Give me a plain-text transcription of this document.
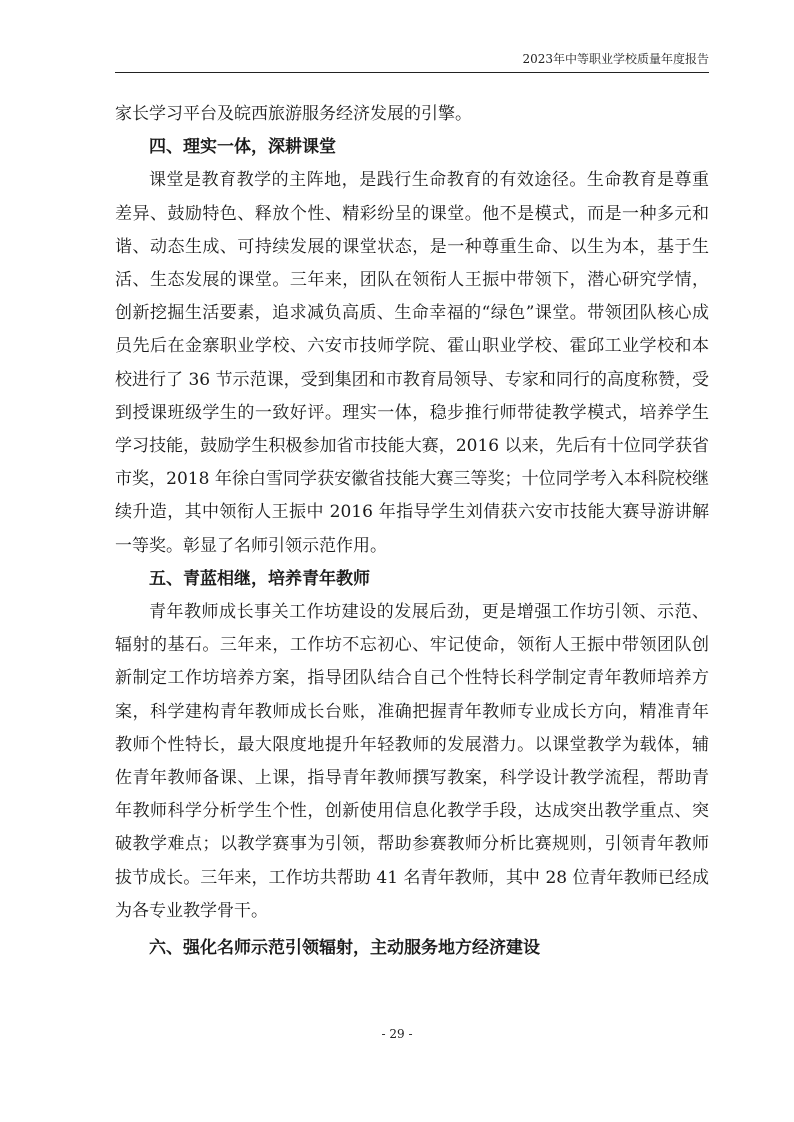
2023年中等职业学校质量年度报告

家长学习平台及皖西旅游服务经济发展的引擎。

四、理实一体，深耕课堂

课堂是教育教学的主阵地，是践行生命教育的有效途径。生命教育是尊重差异、鼓励特色、释放个性、精彩纷呈的课堂。他不是模式，而是一种多元和谐、动态生成、可持续发展的课堂状态，是一种尊重生命、以生为本，基于生活、生态发展的课堂。三年来，团队在领衔人王振中带领下，潜心研究学情，创新挖掘生活要素，追求减负高质、生命幸福的“绿色”课堂。带领团队核心成员先后在金寨职业学校、六安市技师学院、霍山职业学校、霍邱工业学校和本校进行了 36 节示范课，受到集团和市教育局领导、专家和同行的高度称赞，受到授课班级学生的一致好评。理实一体，稳步推行师带徒教学模式，培养学生学习技能，鼓励学生积极参加省市技能大赛，2016 以来，先后有十位同学获省市奖，2018 年徐白雪同学获安徽省技能大赛三等奖；十位同学考入本科院校继续升造，其中领衔人王振中 2016 年指导学生刘倩获六安市技能大赛导游讲解一等奖。彰显了名师引领示范作用。

五、青蓝相继，培养青年教师

青年教师成长事关工作坊建设的发展后劲，更是增强工作坊引领、示范、辐射的基石。三年来，工作坊不忘初心、牢记使命，领衔人王振中带领团队创新制定工作坊培养方案，指导团队结合自己个性特长科学制定青年教师培养方案，科学建构青年教师成长台账，准确把握青年教师专业成长方向，精准青年教师个性特长，最大限度地提升年轻教师的发展潜力。以课堂教学为载体，辅佐青年教师备课、上课，指导青年教师撰写教案，科学设计教学流程，帮助青年教师科学分析学生个性，创新使用信息化教学手段，达成突出教学重点、突破教学难点；以教学赛事为引领，帮助参赛教师分析比赛规则，引领青年教师拔节成长。三年来，工作坊共帮助 41 名青年教师，其中 28 位青年教师已经成为各专业教学骨干。

六、强化名师示范引领辐射，主动服务地方经济建设

- 29 -
